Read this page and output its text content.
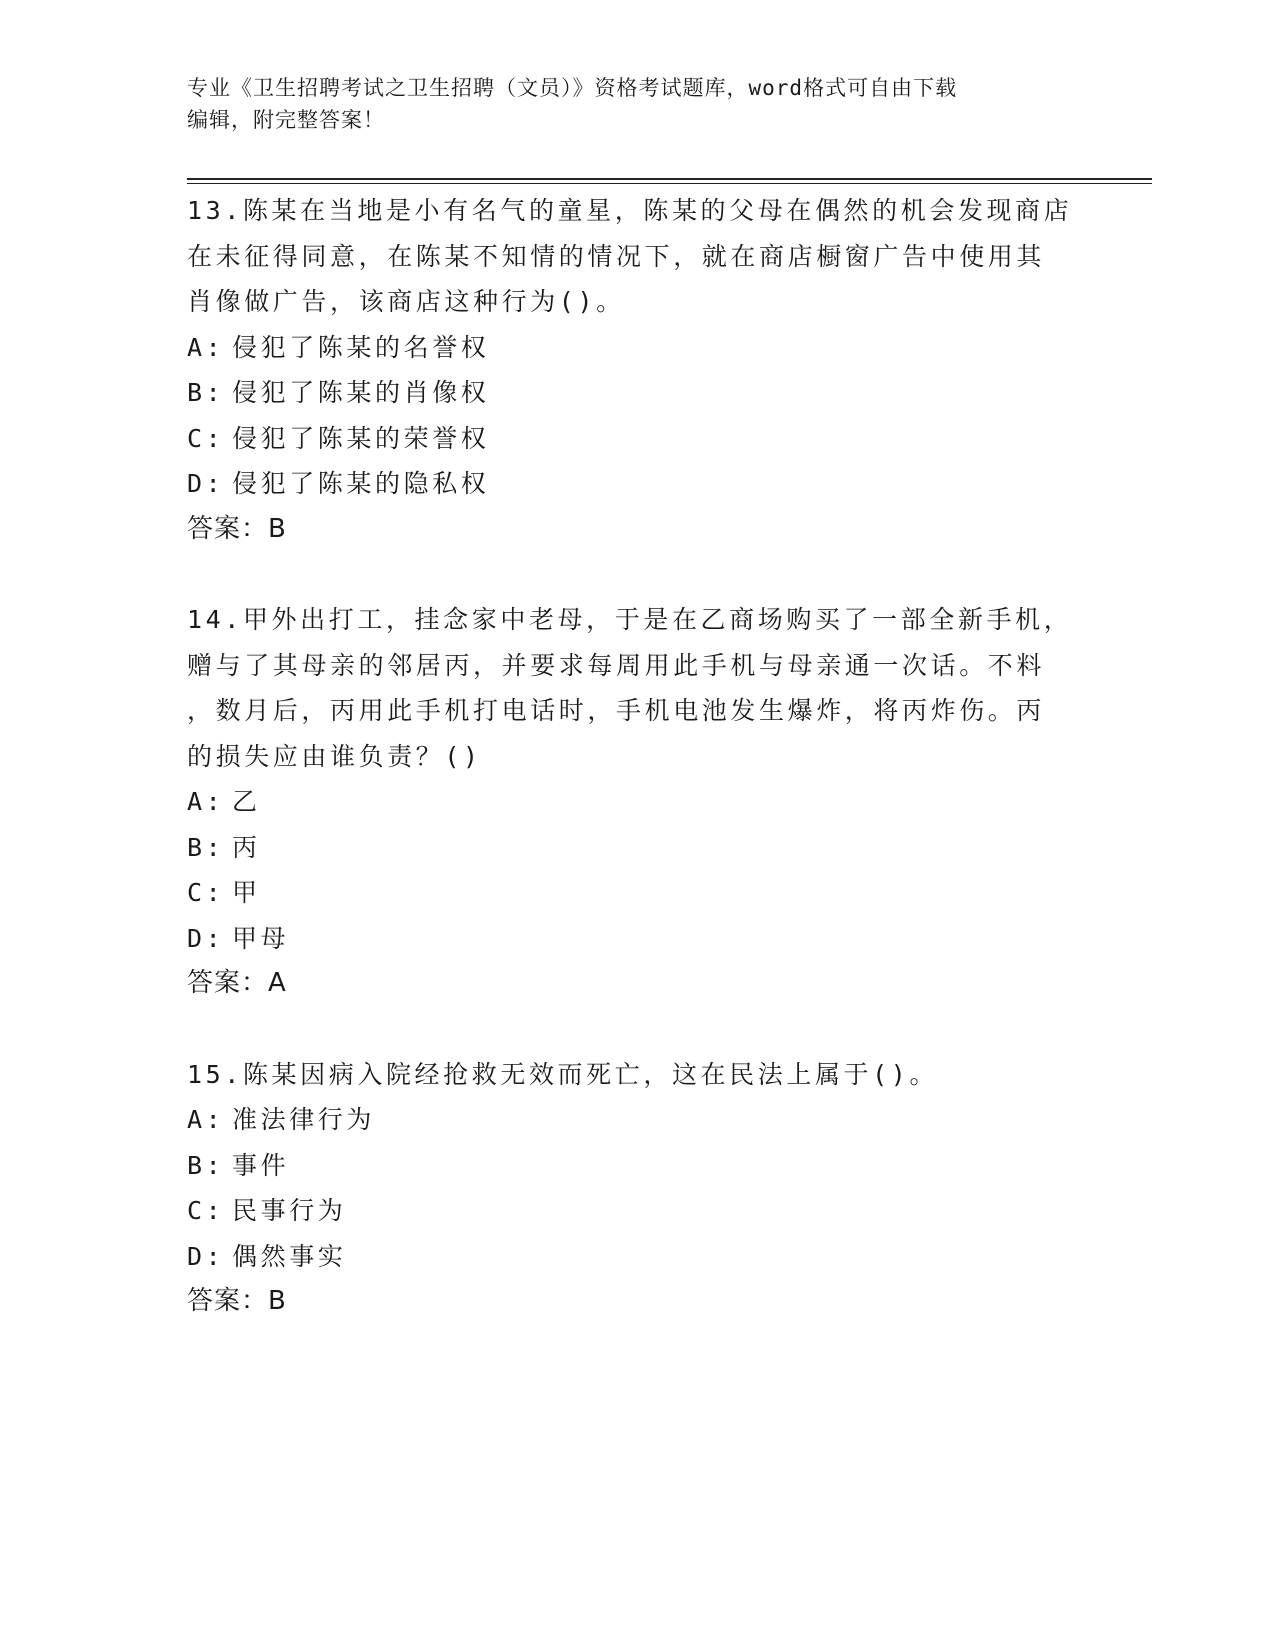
专业《卫生招聘考试之卫生招聘（文员）》资格考试题库，word格式可自由下载
编辑，附完整答案！

13.陈某在当地是小有名气的童星，陈某的父母在偶然的机会发现商店

在未征得同意，在陈某不知情的情况下，就在商店橱窗广告中使用其

肖像做广告，该商店这种行为()。

A: 侵犯了陈某的名誉权
B: 侵犯了陈某的肖像权
C: 侵犯了陈某的荣誉权
D: 侵犯了陈某的隐私权

答案：B

14.甲外出打工，挂念家中老母，于是在乙商场购买了一部全新手机，

赠与了其母亲的邻居丙，并要求每周用此手机与母亲通一次话。不料

，数月后，丙用此手机打电话时，手机电池发生爆炸，将丙炸伤。丙

的损失应由谁负责？()

A: 乙
B: 丙
C: 甲
D: 甲母

答案：A

15.陈某因病入院经抢救无效而死亡，这在民法上属于()。

A: 准法律行为
B: 事件
C: 民事行为
D: 偶然事实

答案：B
